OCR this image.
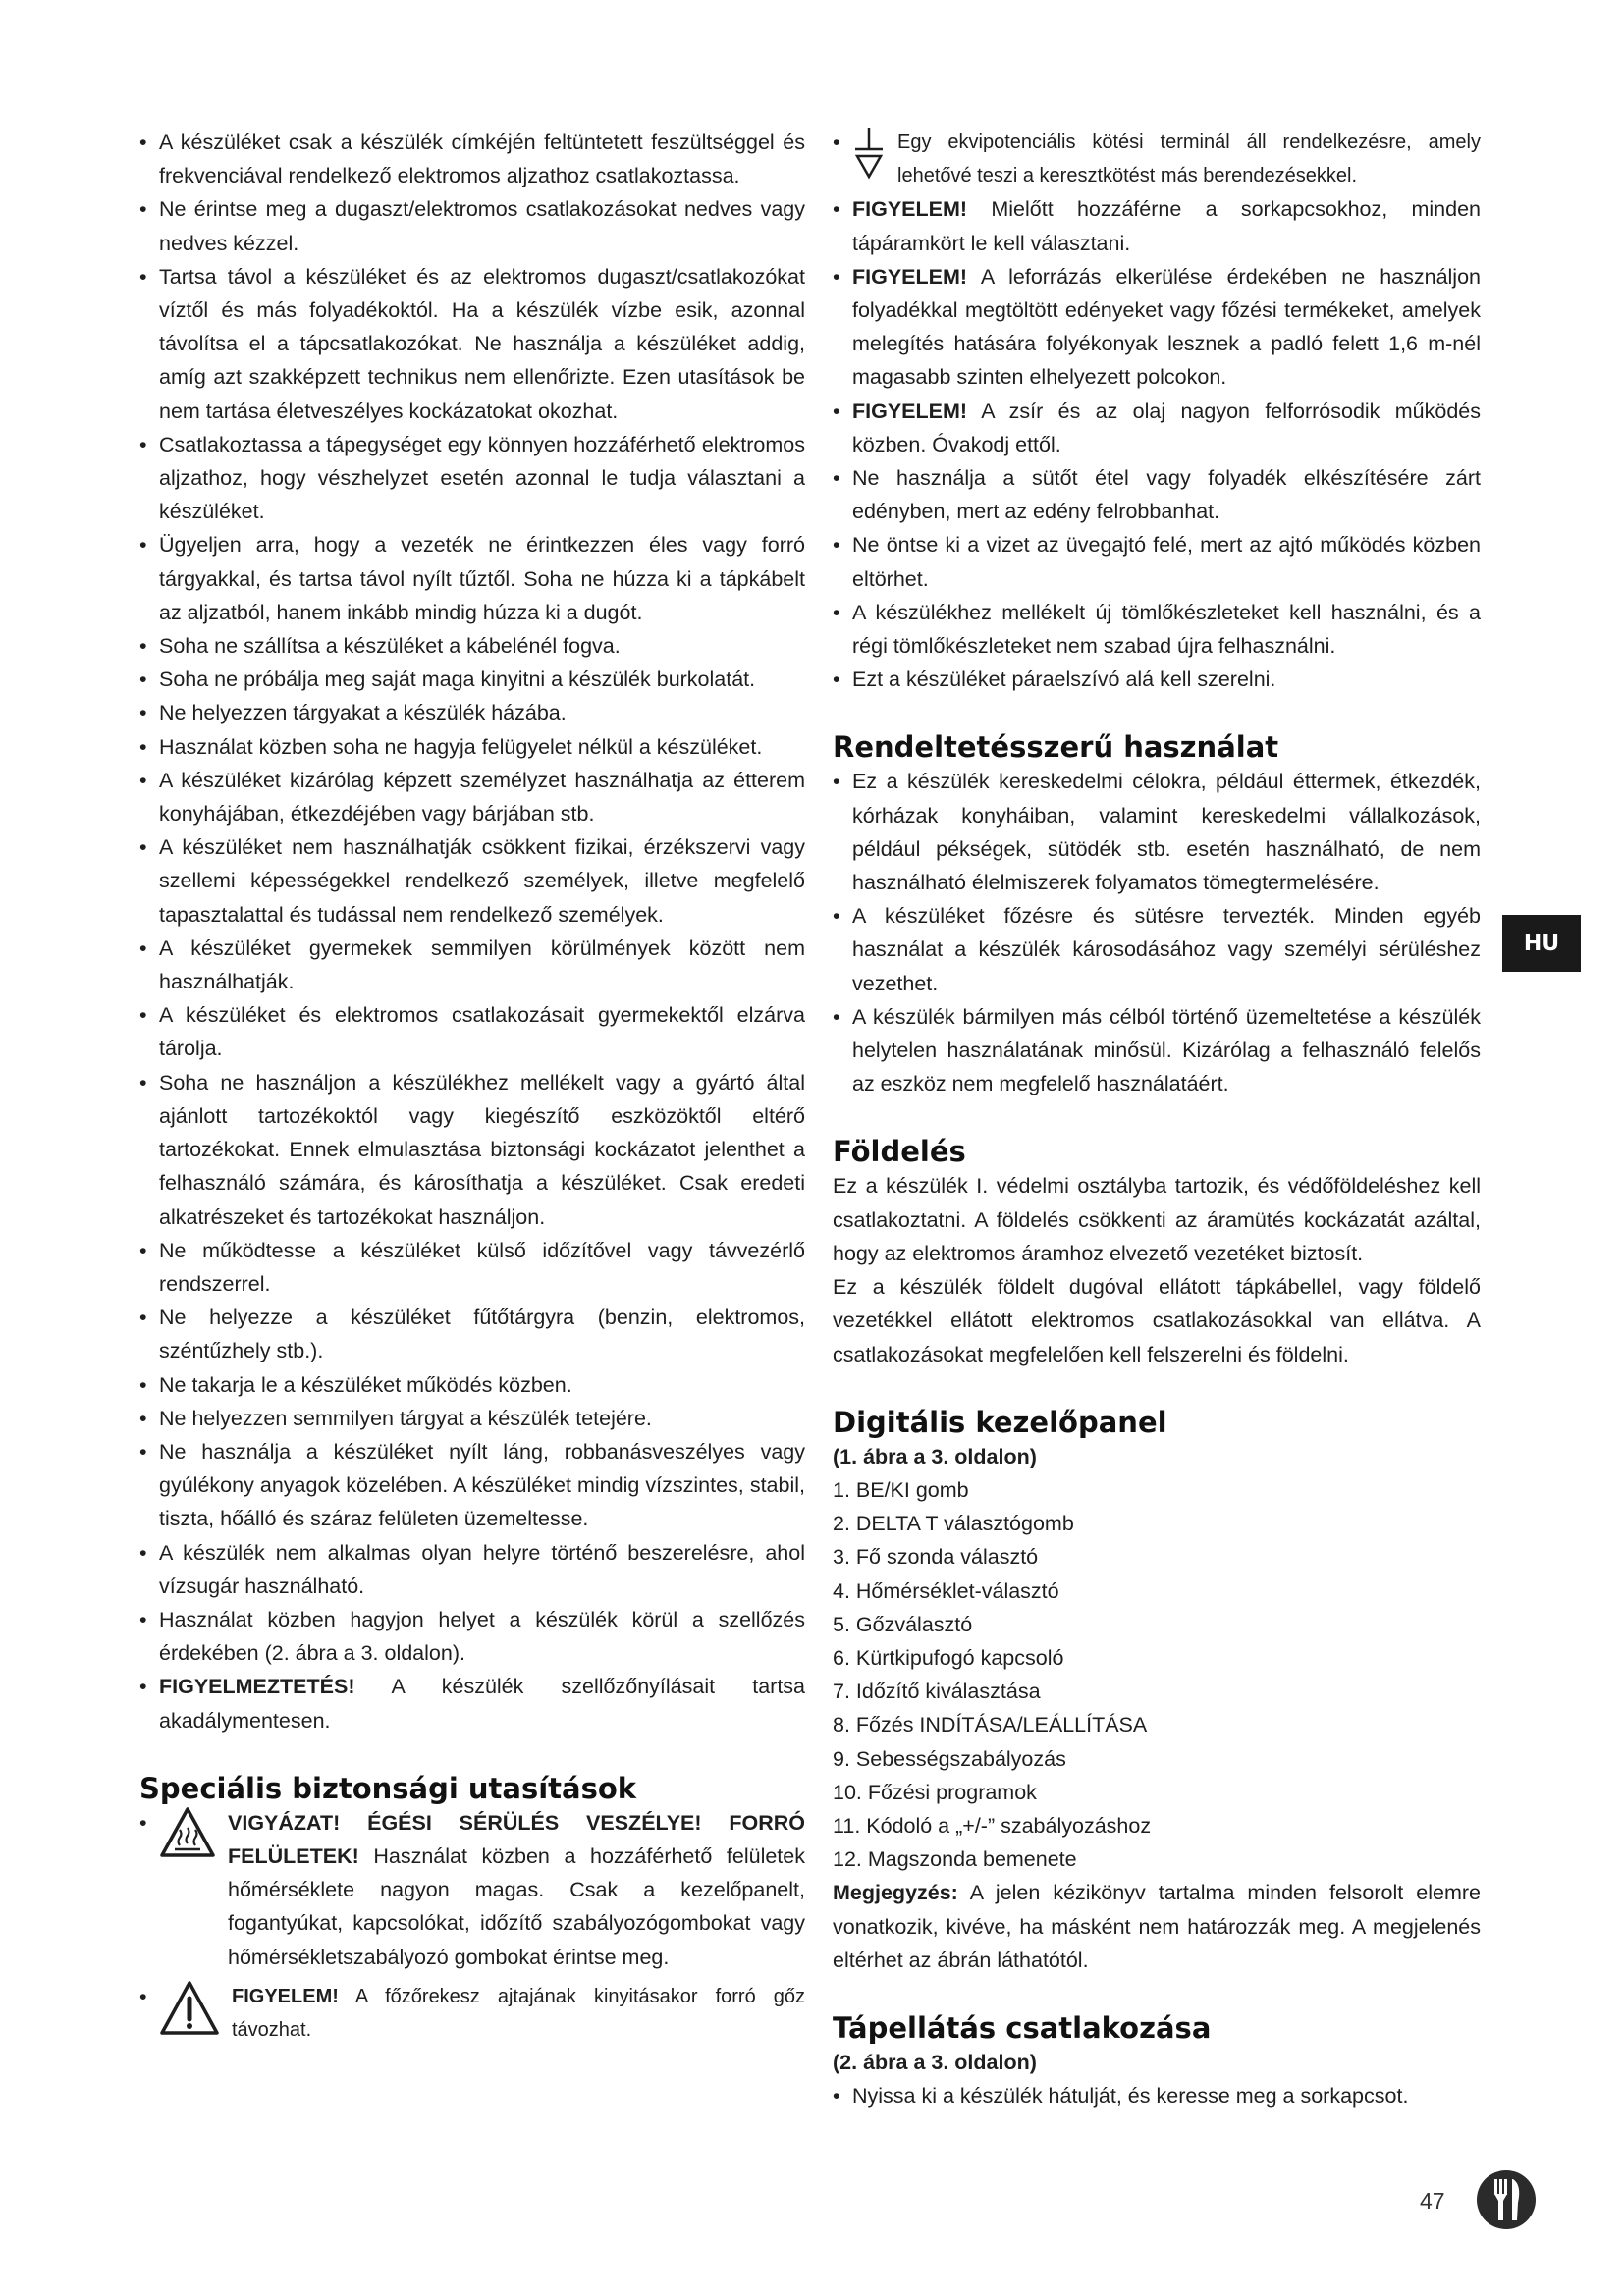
• A készüléket csak a készülék címkéjén feltüntetett feszültséggel és frekvenciával rendelkező elektromos aljzathoz csatlakoztassa.
• Ne érintse meg a dugaszt/elektromos csatlakozásokat nedves vagy nedves kézzel.
• Tartsa távol a készüléket és az elektromos dugaszt/csatlakozókat víztől és más folyadékoktól. Ha a készülék vízbe esik, azonnal távolítsa el a tápcsatlakozókat. Ne használja a készüléket addig, amíg azt szakképzett technikus nem ellenőrizte. Ezen utasítások be nem tartása életveszélyes kockázatokat okozhat.
• Csatlakoztassa a tápegységet egy könnyen hozzáférhető elektromos aljzathoz, hogy vészhelyzet esetén azonnal le tudja választani a készüléket.
• Ügyeljen arra, hogy a vezeték ne érintkezzen éles vagy forró tárgyakkal, és tartsa távol nyílt tűztől. Soha ne húzza ki a tápkábelt az aljzatból, hanem inkább mindig húzza ki a dugót.
• Soha ne szállítsa a készüléket a kábelénél fogva.
• Soha ne próbálja meg saját maga kinyitni a készülék burkolatát.
• Ne helyezzen tárgyakat a készülék házába.
• Használat közben soha ne hagyja felügyelet nélkül a készüléket.
• A készüléket kizárólag képzett személyzet használhatja az étterem konyhájában, étkezdéjében vagy bárjában stb.
• A készüléket nem használhatják csökkent fizikai, érzékszervi vagy szellemi képességekkel rendelkező személyek, illetve megfelelő tapasztalattal és tudással nem rendelkező személyek.
• A készüléket gyermekek semmilyen körülmények között nem használhatják.
• A készüléket és elektromos csatlakozásait gyermekektől elzárva tárolja.
• Soha ne használjon a készülékhez mellékelt vagy a gyártó által ajánlott tartozékoktól vagy kiegészítő eszközöktől eltérő tartozékokat. Ennek elmulasztása biztonsági kockázatot jelenthet a felhasználó számára, és károsíthatja a készüléket. Csak eredeti alkatrészeket és tartozékokat használjon.
• Ne működtesse a készüléket külső időzítővel vagy távvezérlő rendszerrel.
• Ne helyezze a készüléket fűtőtárgyra (benzin, elektromos, széntűzhely stb.).
• Ne takarja le a készüléket működés közben.
• Ne helyezzen semmilyen tárgyat a készülék tetejére.
• Ne használja a készüléket nyílt láng, robbanásveszélyes vagy gyúlékony anyagok közelében. A készüléket mindig vízszintes, stabil, tiszta, hőálló és száraz felületen üzemeltesse.
• A készülék nem alkalmas olyan helyre történő beszerelésre, ahol vízsugár használható.
• Használat közben hagyjon helyet a készülék körül a szellőzés érdekében (2. ábra a 3. oldalon).
• FIGYELMEZTETÉS! A készülék szellőzőnyílásait tartsa akadálymentesen.
Speciális biztonsági utasítások
•	VIGYÁZAT! ÉGÉSI SÉRÜLÉS VESZÉLYE! FORRÓ FELÜLETEK! Használat közben a hozzáférhető felületek hőmérséklete nagyon magas. Csak a kezelőpanelt, fogantyúkat, kapcsolókat, időzítő szabályozógombokat vagy hőmérsékletszabályozó gombokat érintse meg.

•	FIGYELEM! A főzőrekesz ajtajának kinyitásakor forró gőz távozhat.

•	Egy ekvipotenciális kötési terminál áll rendelkezésre, amely lehetővé teszi a keresztkötést más berendezésekkel.

• FIGYELEM! Mielőtt hozzáférne a sorkapcsokhoz, minden tápáramkört le kell választani.
• FIGYELEM! A leforrázás elkerülése érdekében ne használjon folyadékkal megtöltött edényeket vagy főzési termékeket, amelyek melegítés hatására folyékonyak lesznek a padló felett 1,6 m-nél magasabb szinten elhelyezett polcokon.
• FIGYELEM! A zsír és az olaj nagyon felforrósodik működés közben. Óvakodj ettől.
• Ne használja a sütőt étel vagy folyadék elkészítésére zárt edényben, mert az edény felrobbanhat.
• Ne öntse ki a vizet az üvegajtó felé, mert az ajtó működés közben eltörhet.
• A készülékhez mellékelt új tömlőkészleteket kell használni, és a régi tömlőkészleteket nem szabad újra felhasználni.
• Ezt a készüléket páraelszívó alá kell szerelni.
Rendeltetésszerű használat
• Ez a készülék kereskedelmi célokra, például éttermek, étkezdék, kórházak konyháiban, valamint kereskedelmi vállalkozások, például pékségek, sütödék stb. esetén használható, de nem használható élelmiszerek folyamatos tömegtermelésére.
• A készüléket főzésre és sütésre tervezték. Minden egyéb használat a készülék károsodásához vagy személyi sérüléshez vezethet.
• A készülék bármilyen más célból történő üzemeltetése a készülék helytelen használatának minősül. Kizárólag a felhasználó felelős az eszköz nem megfelelő használatáért.
Földelés

Ez a készülék I. védelmi osztályba tartozik, és védőföldeléshez kell csatlakoztatni. A földelés csökkenti az áramütés kockázatát azáltal, hogy az elektromos áramhoz elvezető vezetéket biztosít.

Ez a készülék földelt dugóval ellátott tápkábellel, vagy földelő vezetékkel ellátott elektromos csatlakozásokkal van ellátva. A csatlakozásokat megfelelően kell felszerelni és földelni.

Digitális kezelőpanel
(1. ábra a 3. oldalon)
1. BE/KI gomb
2. DELTA T választógomb
3. Fő szonda választó
4. Hőmérséklet-választó
5. Gőzválasztó
6. Kürtkipufogó kapcsoló
7. Időzítő kiválasztása
8. Főzés INDÍTÁSA/LEÁLLÍTÁSA
9. Sebességszabályozás
10. Főzési programok
11. Kódoló a „+/-” szabályozáshoz
12. Magszonda bemenete

Megjegyzés: A jelen kézikönyv tartalma minden felsorolt elemre vonatkozik, kivéve, ha másként nem határozzák meg. A megjelenés eltérhet az ábrán láthatótól.

Tápellátás csatlakozása
(2. ábra a 3. oldalon)
• Nyissa ki a készülék hátulját, és keresse meg a sorkapcsot.
HU
47
